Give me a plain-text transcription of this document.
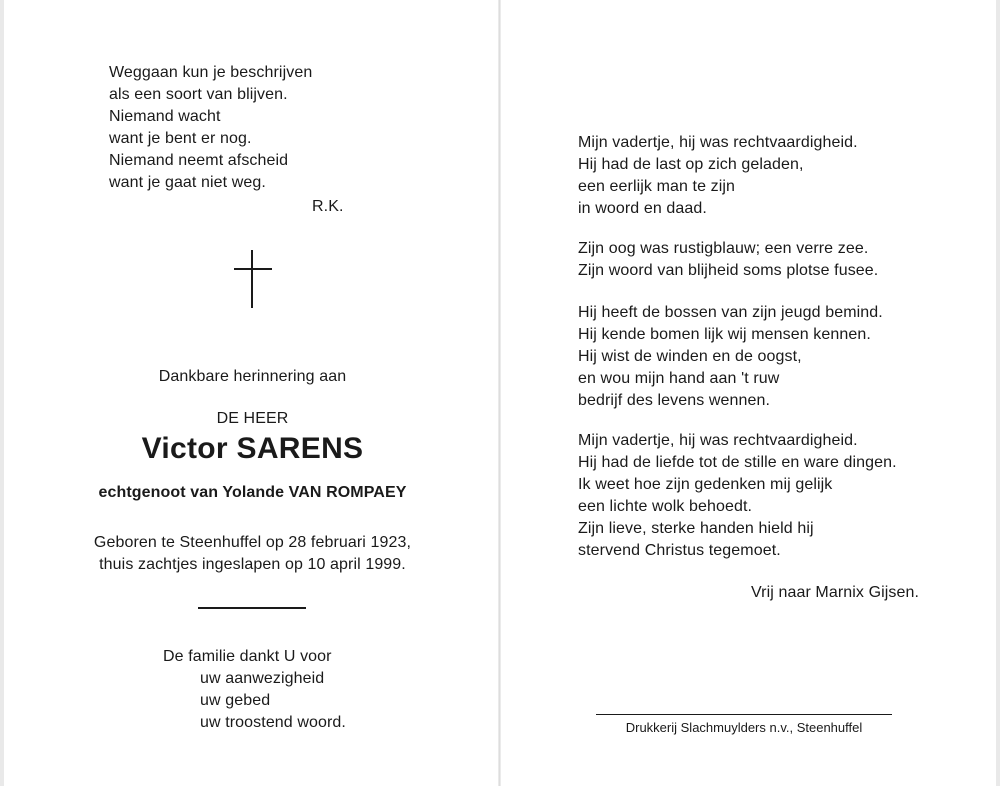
Weggaan kun je beschrijven
als een soort van blijven.
Niemand wacht
want je bent er nog.
Niemand neemt afscheid
want je gaat niet weg.
R.K.
Dankbare herinnering aan
DE HEER
Victor SARENS
echtgenoot van Yolande VAN ROMPAEY
Geboren te Steenhuffel op 28 februari 1923,
thuis zachtjes ingeslapen op 10 april 1999.
De familie dankt U voor
uw aanwezigheid
uw gebed
uw troostend woord.
Mijn vadertje, hij was rechtvaardigheid.
Hij had de last op zich geladen,
een eerlijk man te zijn
in woord en daad.
Zijn oog was rustigblauw; een verre zee.
Zijn woord van blijheid soms plotse fusee.
Hij heeft de bossen van zijn jeugd bemind.
Hij kende bomen lijk wij mensen kennen.
Hij wist de winden en de oogst,
en wou mijn hand aan 't ruw
bedrijf des levens wennen.
Mijn vadertje, hij was rechtvaardigheid.
Hij had de liefde tot de stille en ware dingen.
Ik weet hoe zijn gedenken mij gelijk
een lichte wolk behoedt.
Zijn lieve, sterke handen hield hij
stervend Christus tegemoet.
Vrij naar Marnix Gijsen.
Drukkerij Slachmuylders n.v., Steenhuffel
